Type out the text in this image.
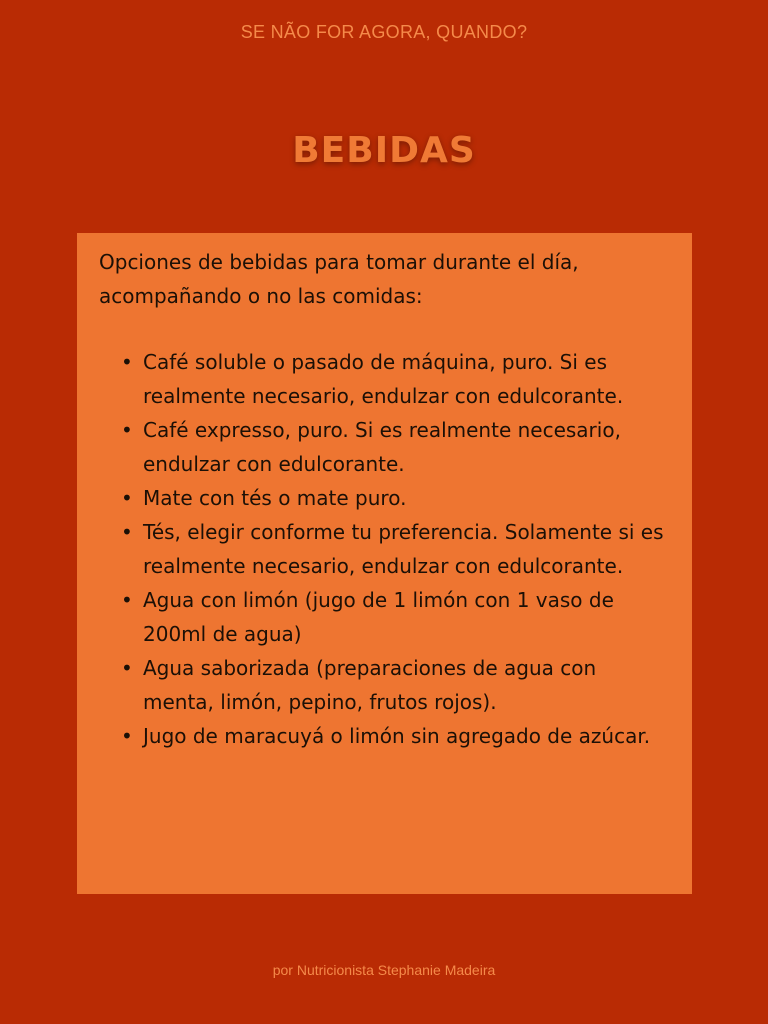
SE NÃO FOR AGORA, QUANDO?
BEBIDAS

Opciones de bebidas para tomar durante el día, acompañando o no las comidas:

• Café soluble o pasado de máquina, puro. Si es realmente necesario, endulzar con edulcorante.
• Café expresso, puro. Si es realmente necesario, endulzar con edulcorante.
• Mate con tés o mate puro.
• Tés, elegir conforme tu preferencia. Solamente si es realmente necesario, endulzar con edulcorante.
• Agua con limón (jugo de 1 limón con 1 vaso de 200ml de agua)
• Agua saborizada (preparaciones de agua con menta, limón, pepino, frutos rojos).
• Jugo de maracuyá o limón sin agregado de azúcar.
por Nutricionista Stephanie Madeira
